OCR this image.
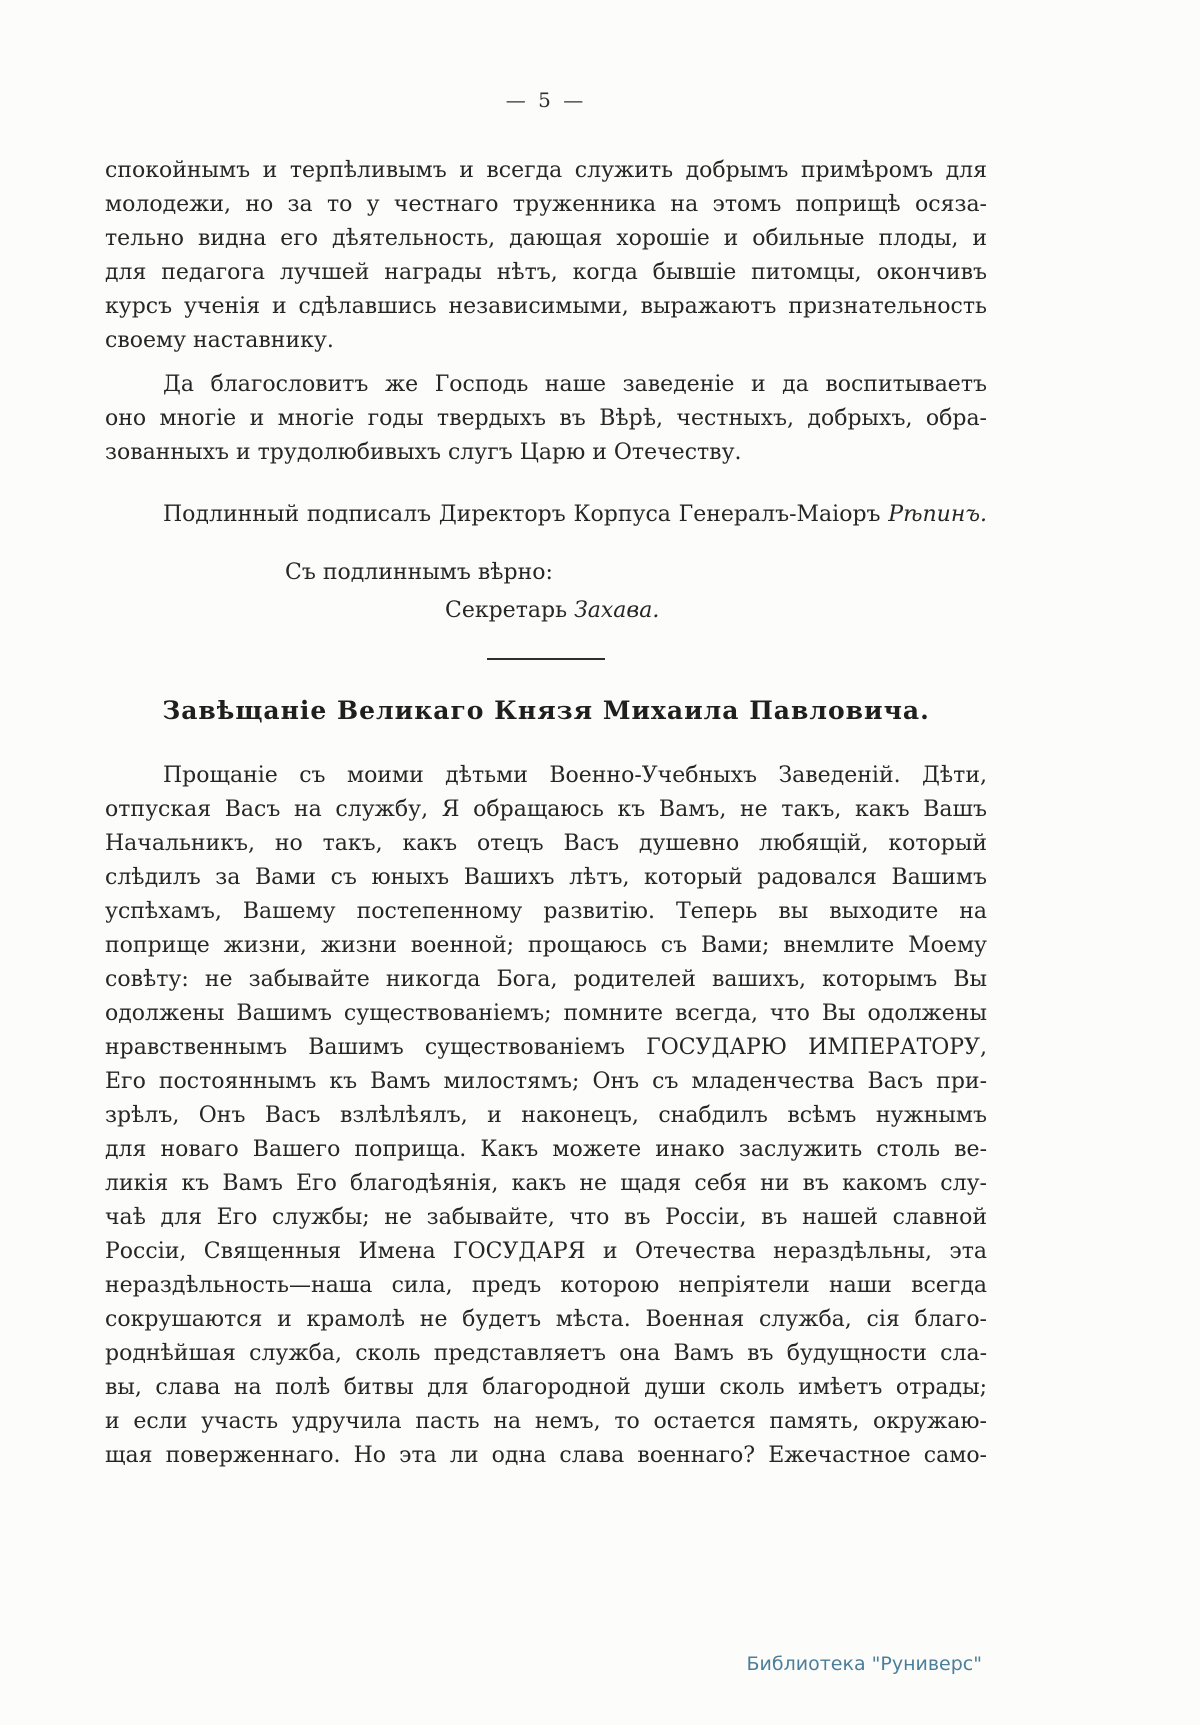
— 5 —
спокойнымъ и терпѣливымъ и всегда служить добрымъ примѣромъ для
молодежи, но за то у честнаго труженника на этомъ поприщѣ осяза-
тельно видна его дѣятельность, дающая хорошіе и обильные плоды, и
для педагога лучшей награды нѣтъ, когда бывшіе питомцы, окончивъ
курсъ ученія и сдѣлавшись независимыми, выражаютъ признательность
своему наставнику.
Да благословитъ же Господь наше заведеніе и да воспитываетъ
оно многіе и многіе годы твердыхъ въ Вѣрѣ, честныхъ, добрыхъ, обра-
зованныхъ и трудолюбивыхъ слугъ Царю и Отечеству.
Подлинный подписалъ Директоръ Корпуса Генералъ-Маіоръ Рѣпинъ.
Съ подлиннымъ вѣрно:
Секретарь Захава.
Завѣщаніе Великаго Князя Михаила Павловича.
Прощаніе съ моими дѣтьми Военно-Учебныхъ Заведеній. Дѣти,
отпуская Васъ на службу, Я обращаюсь къ Вамъ, не такъ, какъ Вашъ
Начальникъ, но такъ, какъ отецъ Васъ душевно любящій, который
слѣдилъ за Вами съ юныхъ Вашихъ лѣтъ, который радовался Вашимъ
успѣхамъ, Вашему постепенному развитію. Теперь вы выходите на
поприще жизни, жизни военной; прощаюсь съ Вами; внемлите Моему
совѣту: не забывайте никогда Бога, родителей вашихъ, которымъ Вы
одолжены Вашимъ существованіемъ; помните всегда, что Вы одолжены
нравственнымъ Вашимъ существованіемъ ГОСУДАРЮ ИМПЕРАТОРУ,
Его постояннымъ къ Вамъ милостямъ; Онъ съ младенчества Васъ при-
зрѣлъ, Онъ Васъ взлѣлѣялъ, и наконецъ, снабдилъ всѣмъ нужнымъ
для новаго Вашего поприща. Какъ можете инако заслужить столь ве-
ликія къ Вамъ Его благодѣянія, какъ не щадя себя ни въ какомъ слу-
чаѣ для Его службы; не забывайте, что въ Россіи, въ нашей славной
Россіи, Священныя Имена ГОСУДАРЯ и Отечества нераздѣльны, эта
нераздѣльность—наша сила, предъ которою непріятели наши всегда
сокрушаются и крамолѣ не будетъ мѣста. Военная служба, сія благо-
роднѣйшая служба, сколь представляетъ она Вамъ въ будущности сла-
вы, слава на полѣ битвы для благородной души сколь имѣетъ отрады;
и если участь удручила пасть на немъ, то остается память, окружаю-
щая поверженнаго. Но эта ли одна слава военнаго? Ежечастное само-
Библиотека "Руниверс"
